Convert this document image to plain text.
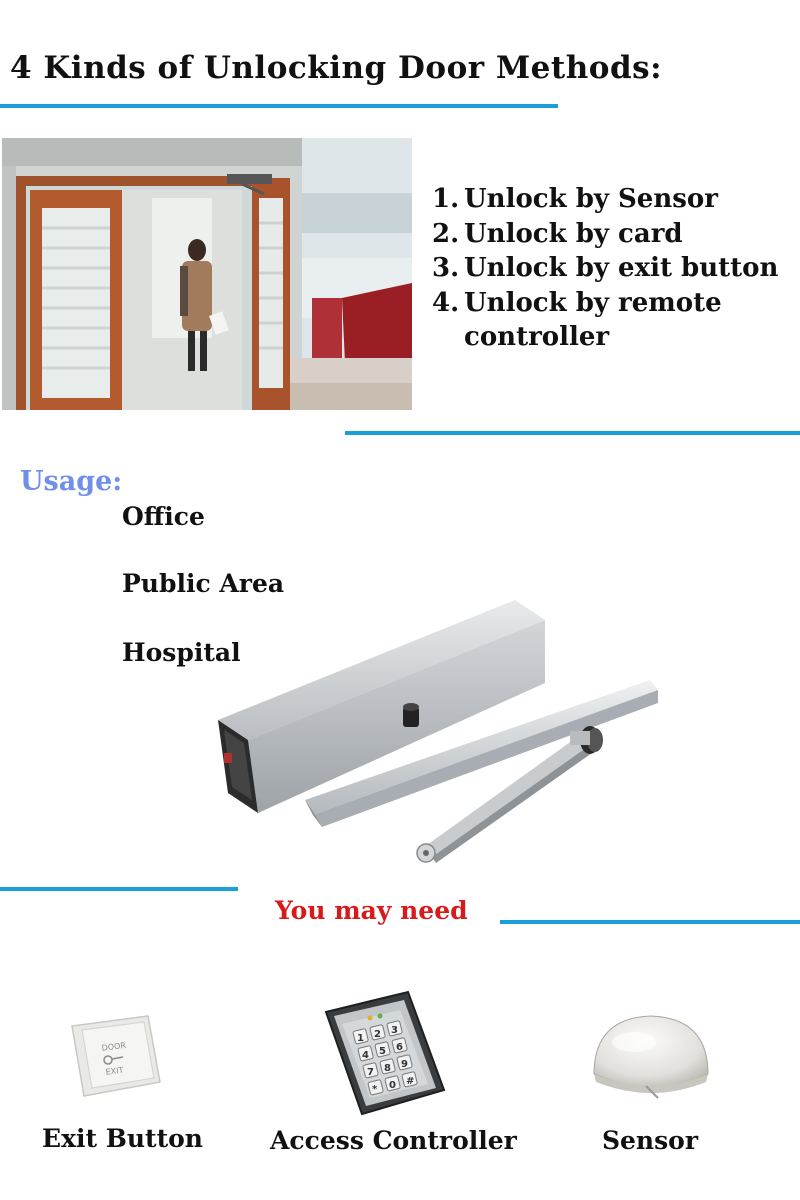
4 Kinds of Unlocking Door Methods:
1. Unlock by Sensor
2. Unlock by card
3. Unlock by exit button
4. Unlock by remote
controller
Usage:
Office
Public Area
Hospital
You may need
DOOR
EXIT
1 2 3
4 5 6
7 8 9
* 0 #
Exit Button	Access Controller	Sensor
